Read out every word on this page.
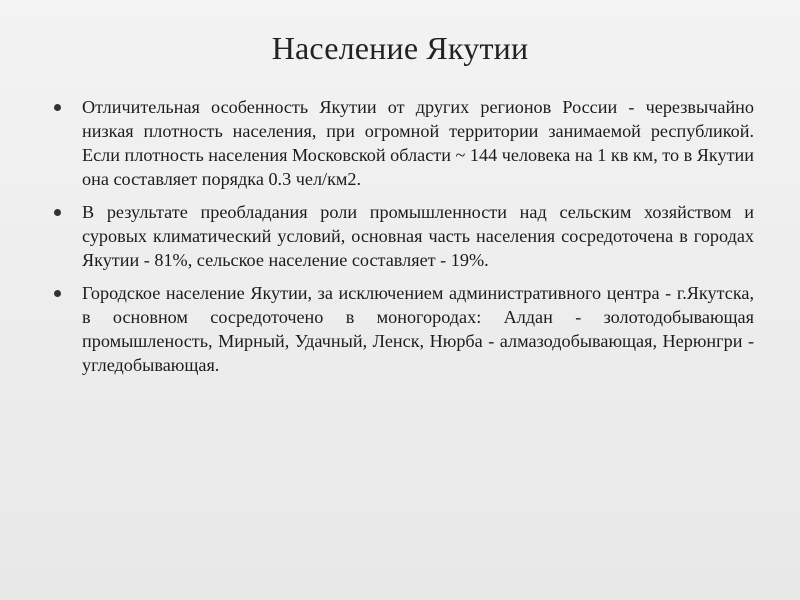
Население Якутии
Отличительная особенность Якутии от других регионов России - черезвычайно низкая плотность населения, при огромной территории занимаемой республикой. Если плотность населения Московской области ~ 144 человека на 1 кв км, то в Якутии она составляет порядка 0.3 чел/км2.
В результате преобладания роли промышленности над сельским хозяйством и суровых климатический условий, основная часть населения сосредоточена в городах Якутии - 81%, сельское население составляет - 19%.
Городское население Якутии, за исключением административного центра - г.Якутска, в основном сосредоточено в моногородах: Алдан - золотодобывающая промышленость, Мирный, Удачный, Ленск, Нюрба - алмазодобывающая, Нерюнгри - угледобывающая.
